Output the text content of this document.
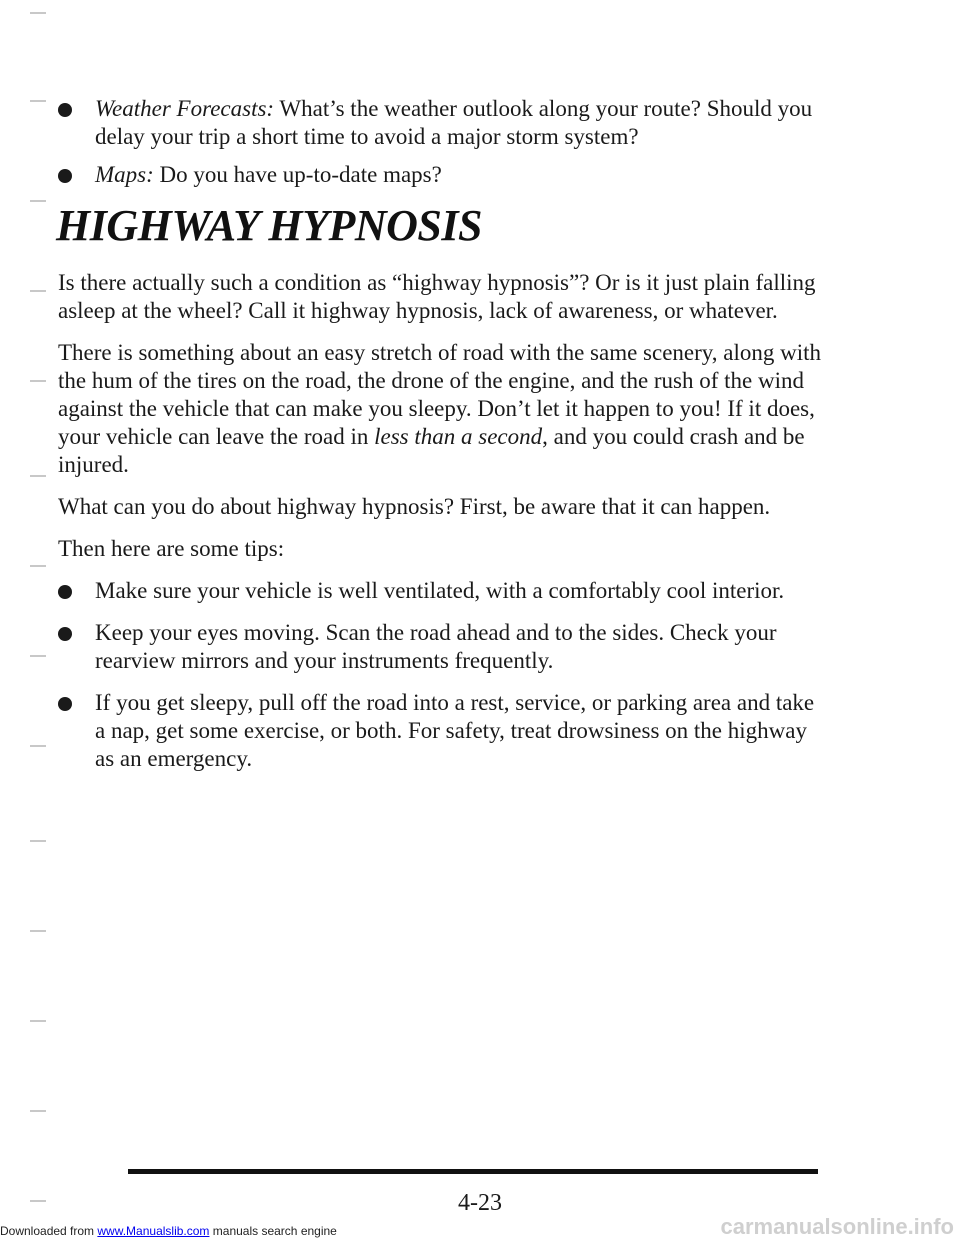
Weather Forecasts: What’s the weather outlook along your route? Should you delay your trip a short time to avoid a major storm system?
Maps: Do you have up-to-date maps?
HIGHWAY HYPNOSIS

Is there actually such a condition as “highway hypnosis”? Or is it just plain falling asleep at the wheel? Call it highway hypnosis, lack of awareness, or whatever.

There is something about an easy stretch of road with the same scenery, along with the hum of the tires on the road, the drone of the engine, and the rush of the wind against the vehicle that can make you sleepy. Don’t let it happen to you! If it does, your vehicle can leave the road in less than a second, and you could crash and be injured.

What can you do about highway hypnosis? First, be aware that it can happen.

Then here are some tips:

Make sure your vehicle is well ventilated, with a comfortably cool interior.
Keep your eyes moving. Scan the road ahead and to the sides. Check your rearview mirrors and your instruments frequently.
If you get sleepy, pull off the road into a rest, service, or parking area and take a nap, get some exercise, or both. For safety, treat drowsiness on the highway as an emergency.
4-23
Downloaded from www.Manualslib.com manuals search engine	carmanualsonline.info
